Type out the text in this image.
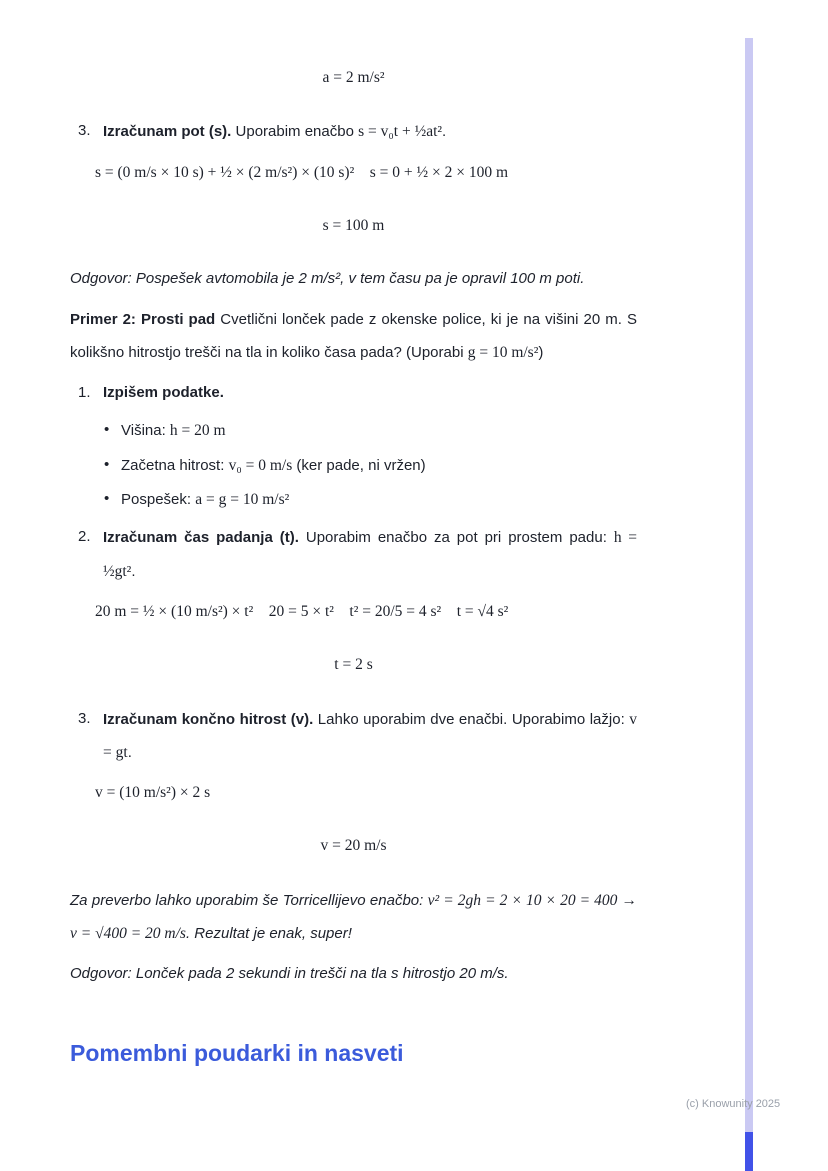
a = 2 m/s²
3. Izračunam pot (s). Uporabim enačbo s = v₀t + ½at².
s = (0 m/s × 10 s) + ½ × (2 m/s²) × (10 s)² s = 0 + ½ × 2 × 100 m
s = 100 m

Odgovor: Pospešek avtomobila je 2 m/s², v tem času pa je opravil 100 m poti.

Primer 2: Prosti pad Cvetlični lonček pade z okenske police, ki je na višini 20 m. S kolikšno hitrostjo trešči na tla in koliko časa pada? (Uporabi g = 10 m/s²)

1. Izpišem podatke.
• Višina: h = 20 m
• Začetna hitrost: v₀ = 0 m/s (ker pade, ni vržen)
• Pospešek: a = g = 10 m/s²
2. Izračunam čas padanja (t). Uporabim enačbo za pot pri prostem padu: h = ½gt².
20 m = ½ × (10 m/s²) × t² 20 = 5 × t² t² = 20/5 = 4 s² t = √4 s²
t = 2 s
3. Izračunam končno hitrost (v). Lahko uporabim dve enačbi. Uporabimo lažjo: v = gt.
v = (10 m/s²) × 2 s
v = 20 m/s

Za preverbo lahko uporabim še Torricellijevo enačbo: v² = 2gh = 2 × 10 × 20 = 400 → v = √400 = 20 m/s. Rezultat je enak, super!

Odgovor: Lonček pada 2 sekundi in trešči na tla s hitrostjo 20 m/s.

Pomembni poudarki in nasveti
(c) Knowunity 2025
